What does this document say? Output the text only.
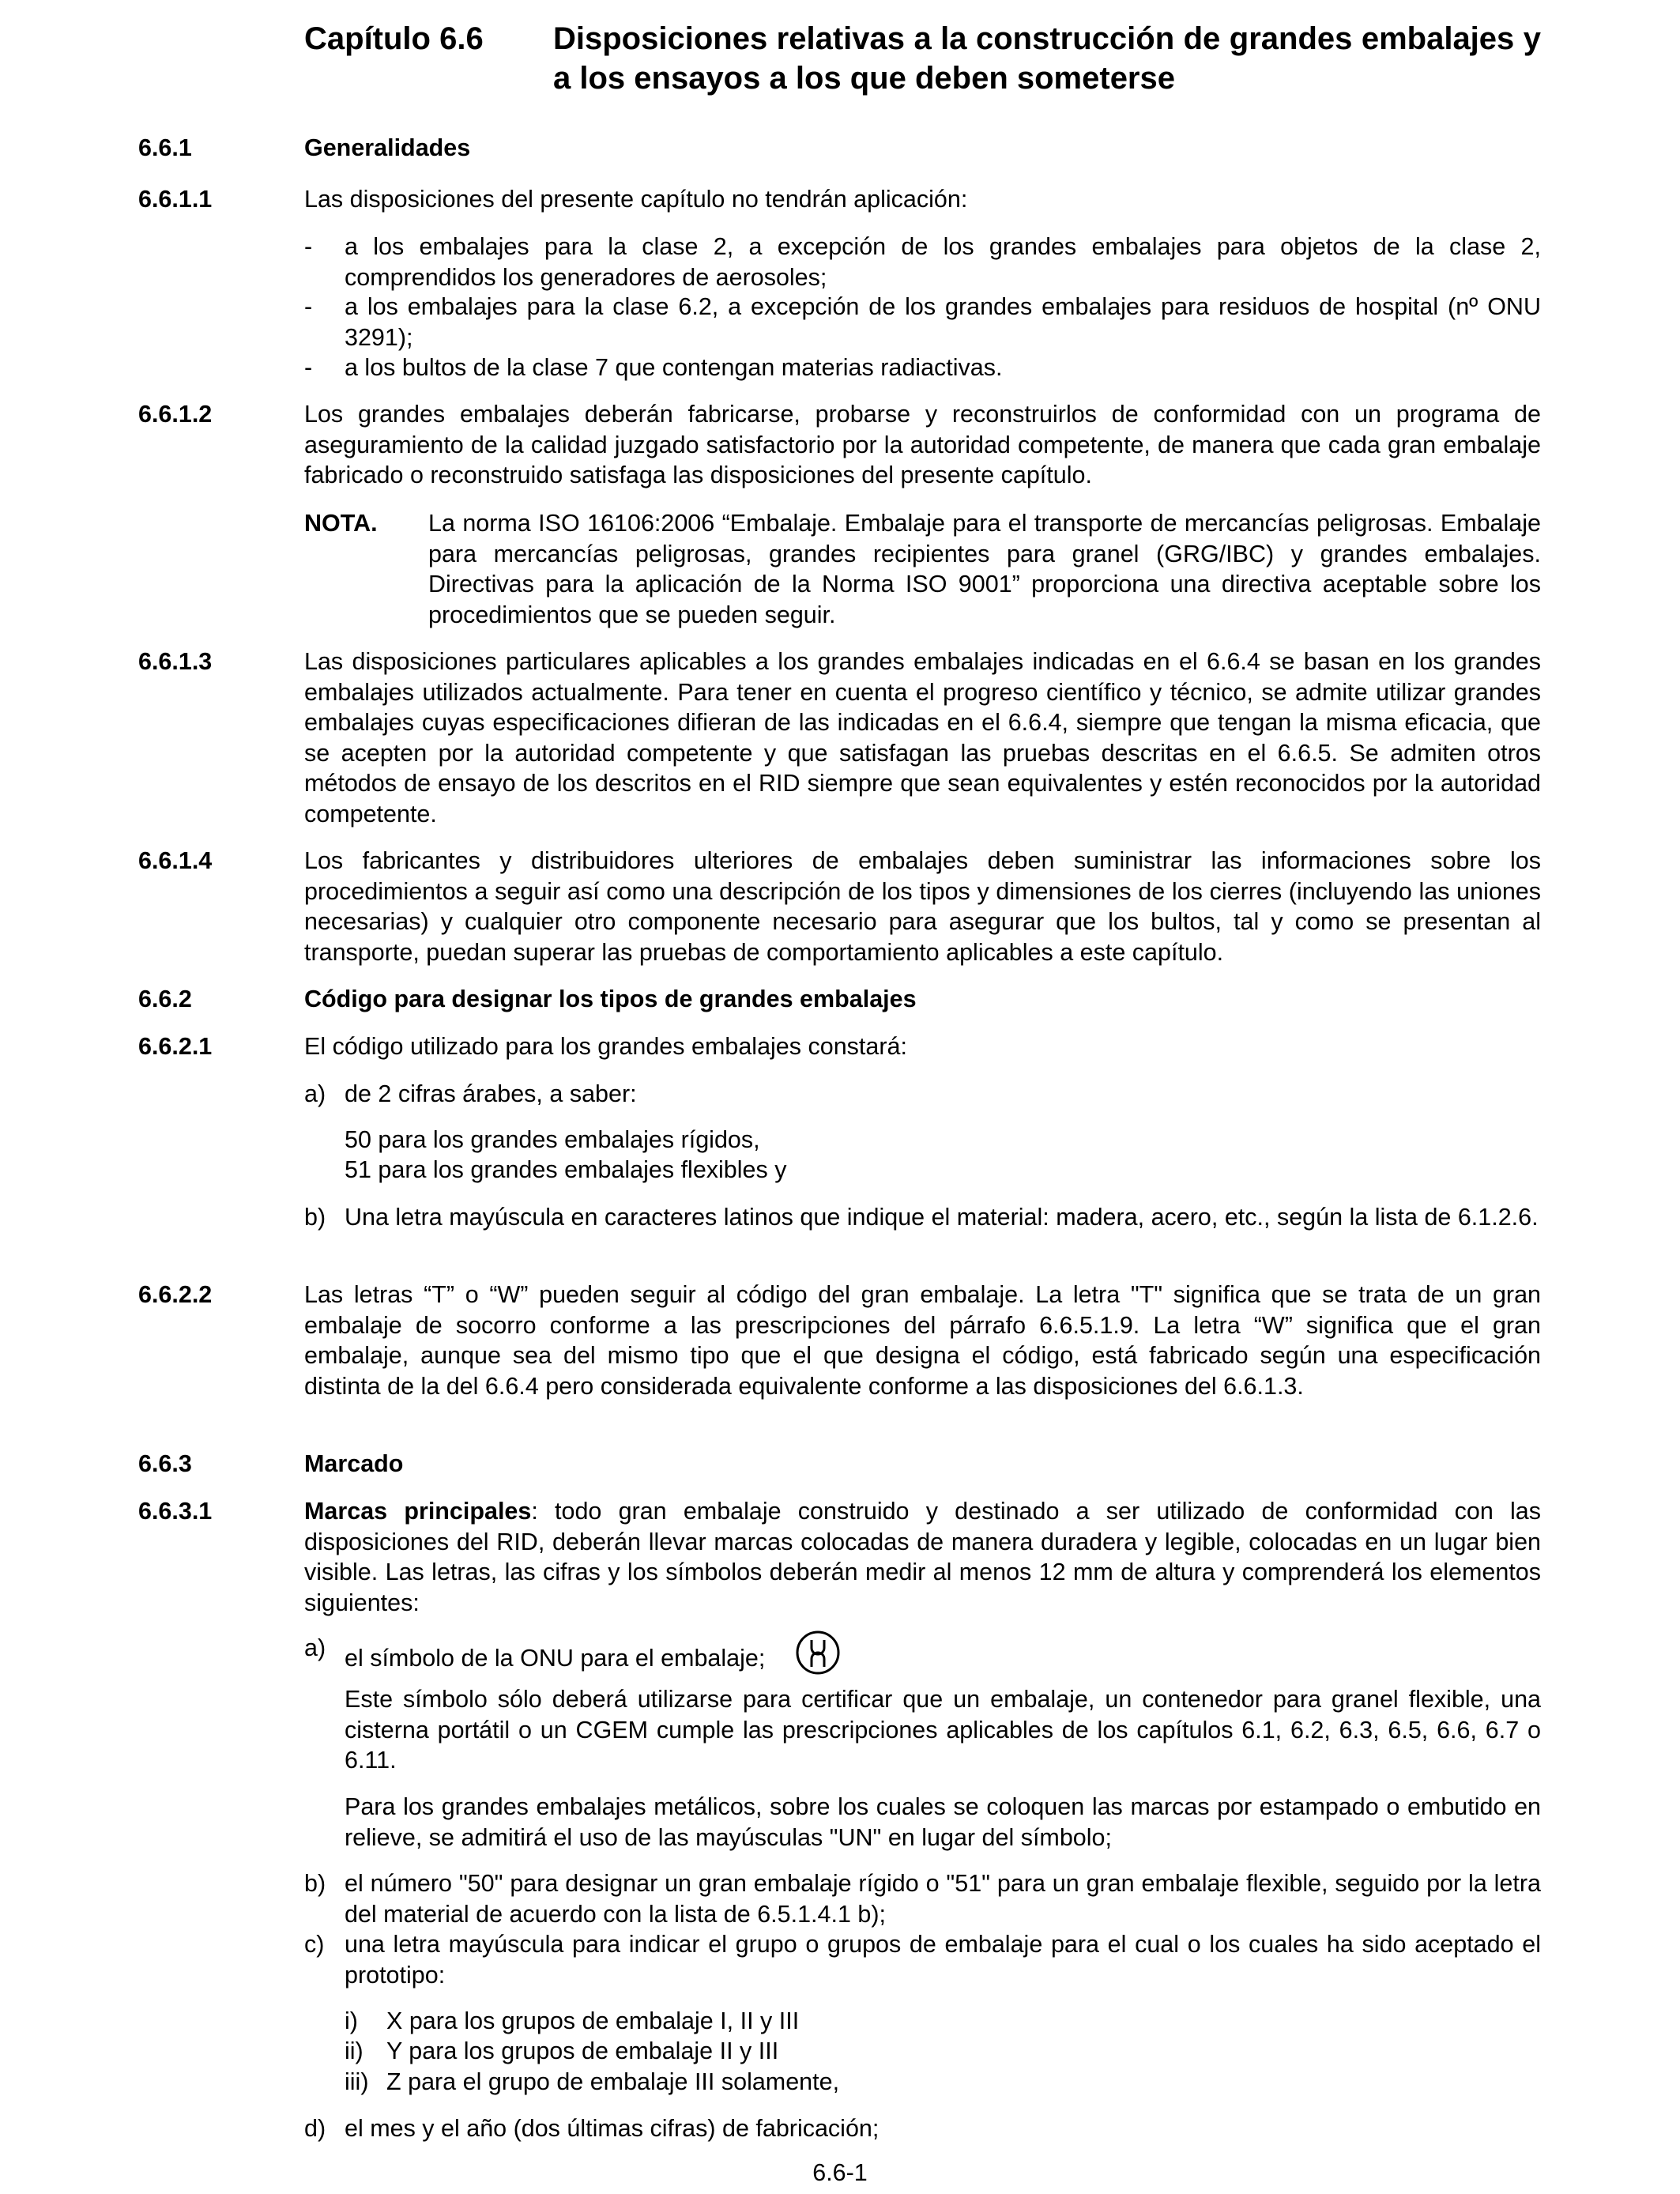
Capítulo 6.6 Disposiciones relativas a la construcción de grandes embalajes y a los ensayos a los que deben someterse
6.6.1	Generalidades
6.6.1.1	Las disposiciones del presente capítulo no tendrán aplicación:
- a los embalajes para la clase 2, a excepción de los grandes embalajes para objetos de la clase 2, comprendidos los generadores de aerosoles;
- a los embalajes para la clase 6.2, a excepción de los grandes embalajes para residuos de hospital (nº ONU 3291);
- a los bultos de la clase 7 que contengan materias radiactivas.
6.6.1.2	Los grandes embalajes deberán fabricarse, probarse y reconstruirlos de conformidad con un programa de aseguramiento de la calidad juzgado satisfactorio por la autoridad competente, de manera que cada gran embalaje fabricado o reconstruido satisfaga las disposiciones del presente capítulo.
NOTA. La norma ISO 16106:2006 “Embalaje. Embalaje para el transporte de mercancías peligrosas. Embalaje para mercancías peligrosas, grandes recipientes para granel (GRG/IBC) y grandes embalajes. Directivas para la aplicación de la Norma ISO 9001” proporciona una directiva aceptable sobre los procedimientos que se pueden seguir.
6.6.1.3	Las disposiciones particulares aplicables a los grandes embalajes indicadas en el 6.6.4 se basan en los grandes embalajes utilizados actualmente. Para tener en cuenta el progreso científico y técnico, se admite utilizar grandes embalajes cuyas especificaciones difieran de las indicadas en el 6.6.4, siempre que tengan la misma eficacia, que se acepten por la autoridad competente y que satisfagan las pruebas descritas en el 6.6.5. Se admiten otros métodos de ensayo de los descritos en el RID siempre que sean equivalentes y estén reconocidos por la autoridad competente.
6.6.1.4	Los fabricantes y distribuidores ulteriores de embalajes deben suministrar las informaciones sobre los procedimientos a seguir así como una descripción de los tipos y dimensiones de los cierres (incluyendo las uniones necesarias) y cualquier otro componente necesario para asegurar que los bultos, tal y como se presentan al transporte, puedan superar las pruebas de comportamiento aplicables a este capítulo.
6.6.2	Código para designar los tipos de grandes embalajes
6.6.2.1	El código utilizado para los grandes embalajes constará:
a) de 2 cifras árabes, a saber:
50 para los grandes embalajes rígidos,
51 para los grandes embalajes flexibles y
b) Una letra mayúscula en caracteres latinos que indique el material: madera, acero, etc., según la lista de 6.1.2.6.
6.6.2.2	Las letras “T” o “W” pueden seguir al código del gran embalaje. La letra "T" significa que se trata de un gran embalaje de socorro conforme a las prescripciones del párrafo 6.6.5.1.9. La letra “W” significa que el gran embalaje, aunque sea del mismo tipo que el que designa el código, está fabricado según una especificación distinta de la del 6.6.4 pero considerada equivalente conforme a las disposiciones del 6.6.1.3.
6.6.3	Marcado
6.6.3.1	Marcas principales: todo gran embalaje construido y destinado a ser utilizado de conformidad con las disposiciones del RID, deberán llevar marcas colocadas de manera duradera y legible, colocadas en un lugar bien visible. Las letras, las cifras y los símbolos deberán medir al menos 12 mm de altura y comprenderá los elementos siguientes:
a) el símbolo de la ONU para el embalaje;
Este símbolo sólo deberá utilizarse para certificar que un embalaje, un contenedor para granel flexible, una cisterna portátil o un CGEM cumple las prescripciones aplicables de los capítulos 6.1, 6.2, 6.3, 6.5, 6.6, 6.7 o 6.11.
Para los grandes embalajes metálicos, sobre los cuales se coloquen las marcas por estampado o embutido en relieve, se admitirá el uso de las mayúsculas "UN" en lugar del símbolo;
b) el número "50" para designar un gran embalaje rígido o "51" para un gran embalaje flexible, seguido por la letra del material de acuerdo con la lista de 6.5.1.4.1 b);
c) una letra mayúscula para indicar el grupo o grupos de embalaje para el cual o los cuales ha sido aceptado el prototipo:
i) X para los grupos de embalaje I, II y III
ii) Y para los grupos de embalaje II y III
iii) Z para el grupo de embalaje III solamente,
d) el mes y el año (dos últimas cifras) de fabricación;
6.6-1
